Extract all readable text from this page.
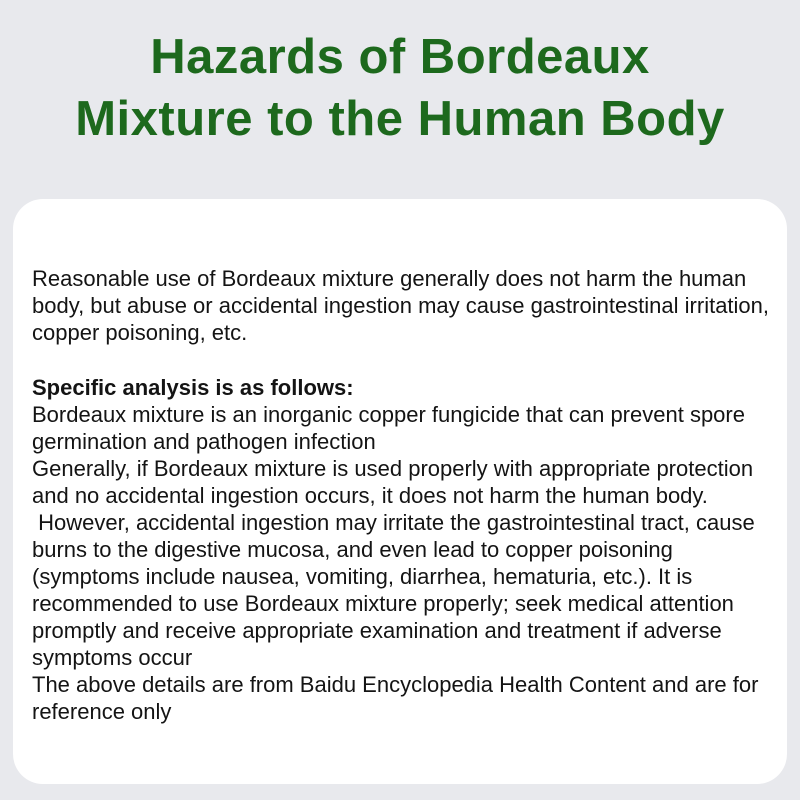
Hazards of Bordeaux
Mixture to the Human Body

Reasonable use of Bordeaux mixture generally does not harm the human body, but abuse or accidental ingestion may cause gastrointestinal irritation, copper poisoning, etc.

Specific analysis is as follows:

Bordeaux mixture is an inorganic copper fungicide that can prevent spore germination and pathogen infection

Generally, if Bordeaux mixture is used properly with appropriate protection and no accidental ingestion occurs, it does not harm the human body.

However, accidental ingestion may irritate the gastrointestinal tract, cause burns to the digestive mucosa, and even lead to copper poisoning (symptoms include nausea, vomiting, diarrhea, hematuria, etc.). It is recommended to use Bordeaux mixture properly; seek medical attention promptly and receive appropriate examination and treatment if adverse symptoms occur

The above details are from Baidu Encyclopedia Health Content and are for reference only
